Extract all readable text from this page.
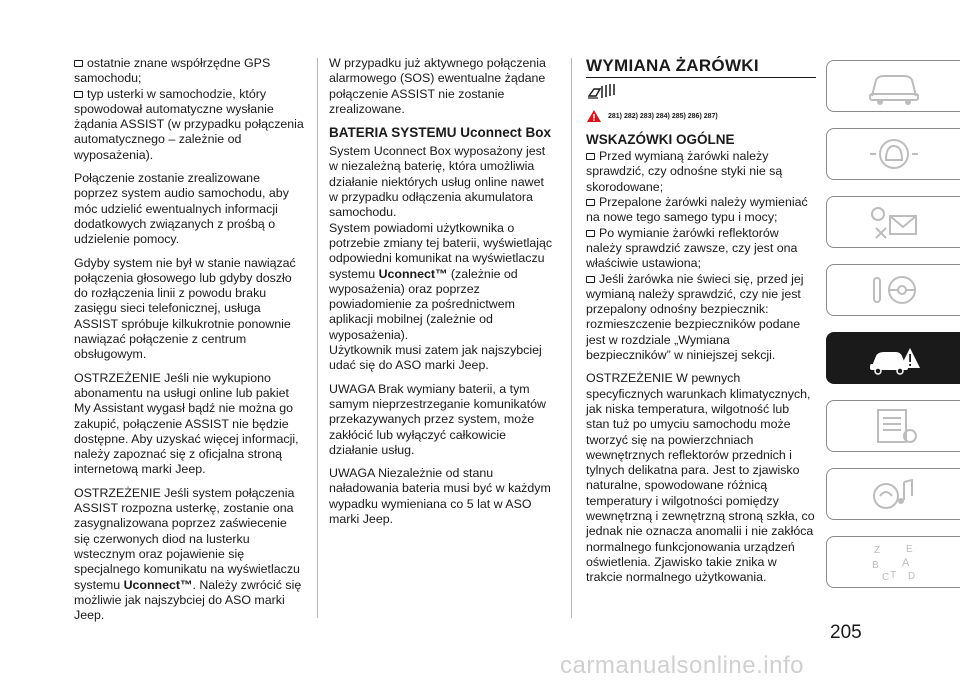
ostatnie znane współrzędne GPS samochodu;

typ usterki w samochodzie, który spowodował automatyczne wysłanie żądania ASSIST (w przypadku połączenia automatycznego – zależnie od wyposażenia).

Połączenie zostanie zrealizowane poprzez system audio samochodu, aby móc udzielić ewentualnych informacji dodatkowych związanych z prośbą o udzielenie pomocy.

Gdyby system nie był w stanie nawiązać połączenia głosowego lub gdyby doszło do rozłączenia linii z powodu braku zasięgu sieci telefonicznej, usługa ASSIST spróbuje kilkukrotnie ponownie nawiązać połączenie z centrum obsługowym.

OSTRZEŻENIE Jeśli nie wykupiono abonamentu na usługi online lub pakiet My Assistant wygasł bądź nie można go zakupić, połączenie ASSIST nie będzie dostępne. Aby uzyskać więcej informacji, należy zapoznać się z oficjalna stroną internetową marki Jeep.

OSTRZEŻENIE Jeśli system połączenia ASSIST rozpozna usterkę, zostanie ona zasygnalizowana poprzez zaświecenie się czerwonych diod na lusterku wstecznym oraz pojawienie się specjalnego komunikatu na wyświetlaczu systemu Uconnect™. Należy zwrócić się możliwie jak najszybciej do ASO marki Jeep.

W przypadku już aktywnego połączenia alarmowego (SOS) ewentualne żądane połączenie ASSIST nie zostanie zrealizowane.

BATERIA SYSTEMU Uconnect Box

System Uconnect Box wyposażony jest w niezależną baterię, która umożliwia działanie niektórych usług online nawet w przypadku odłączenia akumulatora samochodu.

System powiadomi użytkownika o potrzebie zmiany tej baterii, wyświetlając odpowiedni komunikat na wyświetlaczu systemu Uconnect™ (zależnie od wyposażenia) oraz poprzez powiadomienie za pośrednictwem aplikacji mobilnej (zależnie od wyposażenia).

Użytkownik musi zatem jak najszybciej udać się do ASO marki Jeep.

UWAGA Brak wymiany baterii, a tym samym nieprzestrzeganie komunikatów przekazywanych przez system, może zakłócić lub wyłączyć całkowicie działanie usług.

UWAGA Niezależnie od stanu naładowania bateria musi być w każdym wypadku wymieniana co 5 lat w ASO marki Jeep.

WYMIANA ŻARÓWKI
281) 282) 283) 284) 285) 286) 287)
WSKAZÓWKI OGÓLNE
Przed wymianą żarówki należy sprawdzić, czy odnośne styki nie są skorodowane;
Przepalone żarówki należy wymieniać na nowe tego samego typu i mocy;
Po wymianie żarówki reflektorów należy sprawdzić zawsze, czy jest ona właściwie ustawiona;

Jeśli żarówka nie świeci się, przed jej wymianą należy sprawdzić, czy nie jest przepalony odnośny bezpiecznik: rozmieszczenie bezpieczników podane jest w rozdziale „Wymiana bezpieczników” w niniejszej sekcji.

OSTRZEŻENIE W pewnych specyficznych warunkach klimatycznych, jak niska temperatura, wilgotność lub stan tuż po umyciu samochodu może tworzyć się na powierzchniach wewnętrznych reflektorów przednich i tylnych delikatna para. Jest to zjawisko naturalne, spowodowane różnicą temperatury i wilgotności pomiędzy wewnętrzną i zewnętrzną stroną szkła, co jednak nie oznacza anomalii i nie zakłóca normalnego funkcjonowania urządzeń oświetlenia. Zjawisko takie znika w trakcie normalnego użytkowania.

Z	E
B A
C T D
205
carmanualsonline.info
